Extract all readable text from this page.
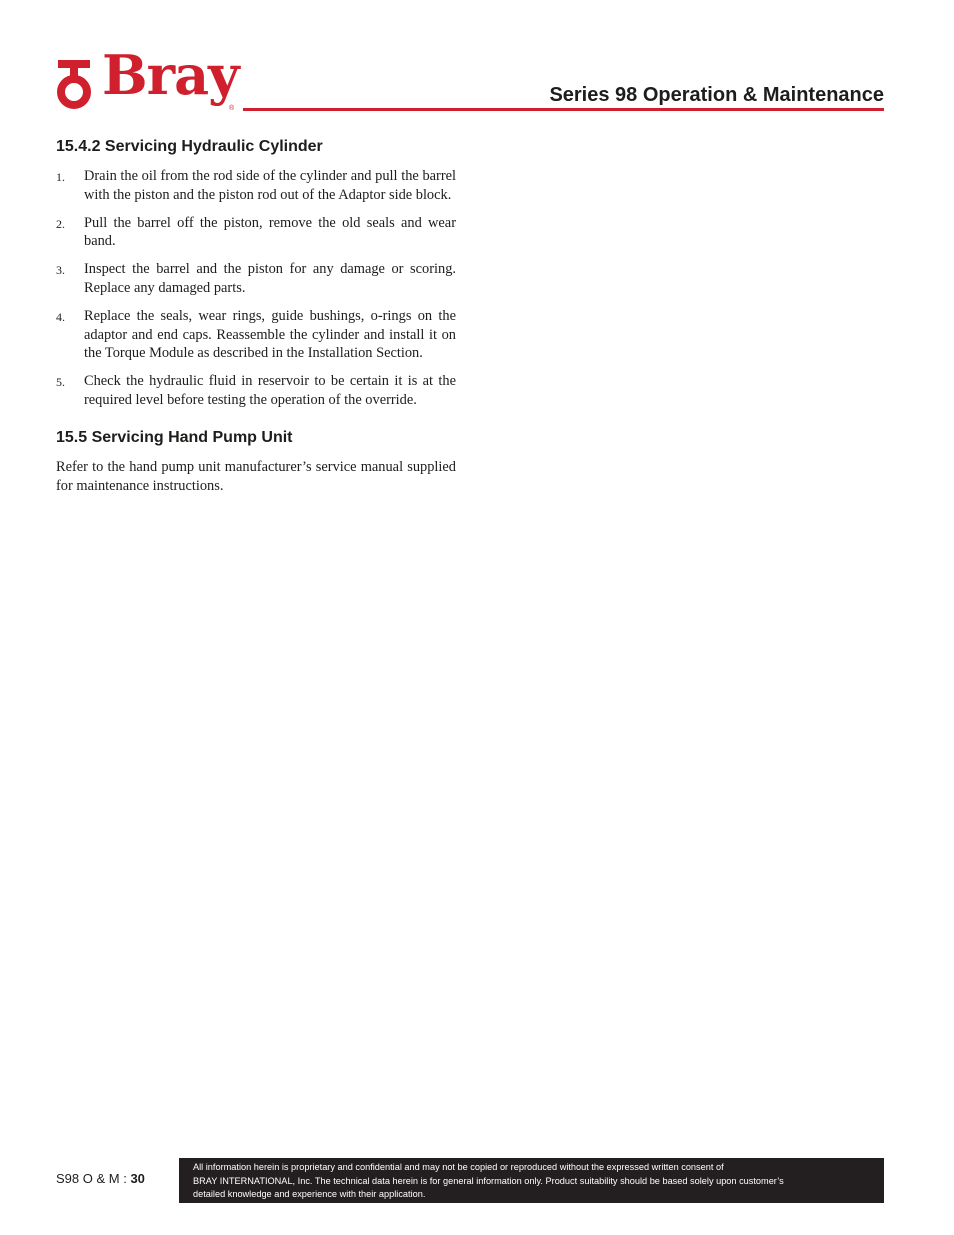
Bray
®
Series 98 Operation & Maintenance
15.4.2 Servicing Hydraulic Cylinder
1. Drain the oil from the rod side of the cylinder and pull the barrel with the piston and the piston rod out of the Adaptor side block.
2. Pull the barrel off the piston, remove the old seals and wear band.
3. Inspect the barrel and the piston for any damage or scoring. Replace any damaged parts.
4. Replace the seals, wear rings, guide bushings, o-rings on the adaptor and end caps. Reassemble the cylinder and install it on the Torque Module as described in the Installation Section.
5. Check the hydraulic fluid in reservoir to be certain it is at the required level before testing the operation of the override.
15.5 Servicing Hand Pump Unit

Refer to the hand pump unit manufacturer’s service manual supplied for maintenance instructions.

S98 O & M : 30
All information herein is proprietary and confidential and may not be copied or reproduced without the expressed written consent of
BRAY INTERNATIONAL, Inc. The technical data herein is for general information only. Product suitability should be based solely upon customer’s
detailed knowledge and experience with their application.
